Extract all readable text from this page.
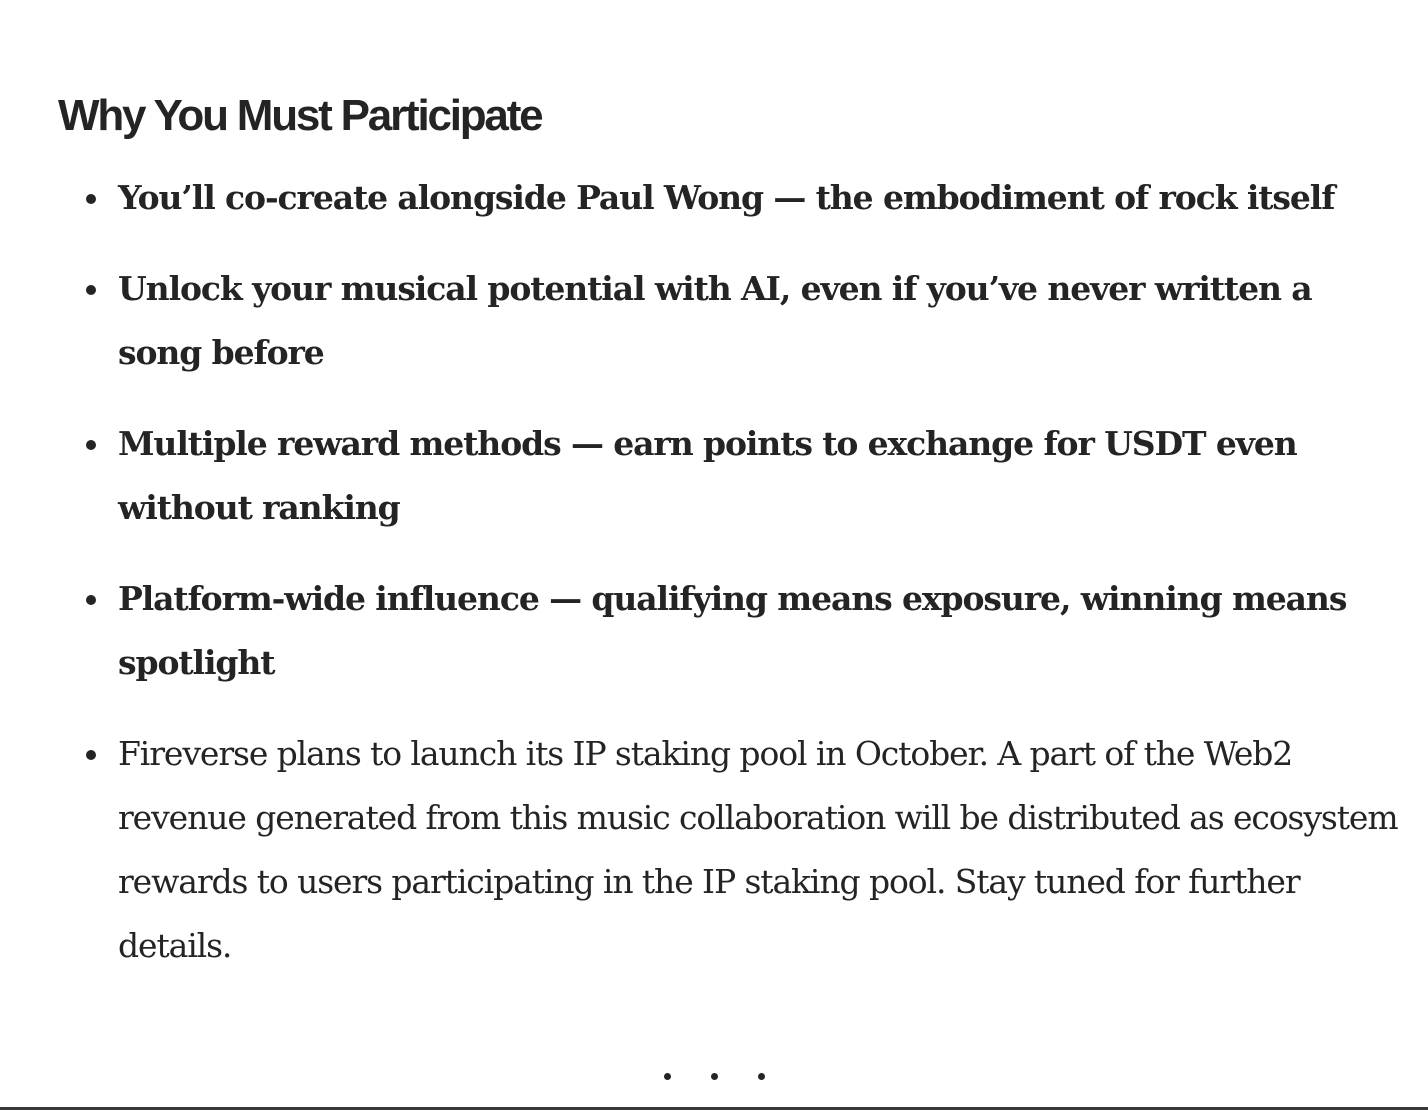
Why You Must Participate
You’ll co-create alongside Paul Wong — the embodiment of rock itself
Unlock your musical potential with AI, even if you’ve never written a song before
Multiple reward methods — earn points to exchange for USDT even without ranking
Platform-wide influence — qualifying means exposure, winning means spotlight
Fireverse plans to launch its IP staking pool in October. A part of the Web2 revenue generated from this music collaboration will be distributed as ecosystem rewards to users participating in the IP staking pool. Stay tuned for further details.
